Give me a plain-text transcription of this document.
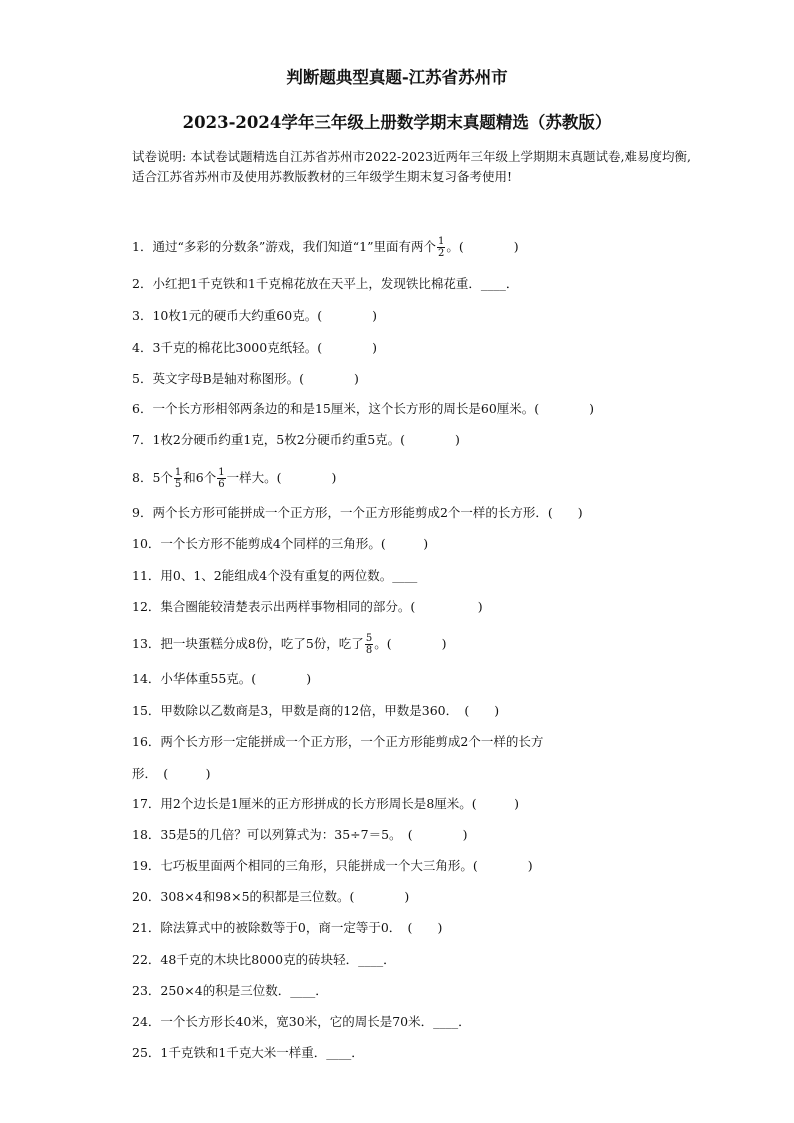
判断题典型真题-江苏省苏州市
2023-2024学年三年级上册数学期末真题精选（苏教版）
试卷说明: 本试卷试题精选自江苏省苏州市2022-2023近两年三年级上学期期末真题试卷,难易度均衡,适合江苏省苏州市及使用苏教版教材的三年级学生期末复习备考使用!
1．通过“多彩的分数条”游戏，我们知道“1”里面有两个 $\frac{1}{2}$ 。(　　　　)
2．小红把1千克铁和1千克棉花放在天平上，发现铁比棉花重．____．
3．10枚1元的硬币大约重60克。(　　　　)
4．3千克的棉花比3000克纸轻。(　　　　)
5．英文字母B是轴对称图形。(　　　　)
6．一个长方形相邻两条边的和是15厘米，这个长方形的周长是60厘米。(　　　　)
7．1枚2分硬币约重1克，5枚2分硬币约重5克。(　　　　)
8．5个 $\frac{1}{5}$ 和6个 $\frac{1}{6}$ 一样大。(　　　　)
9．两个长方形可能拼成一个正方形，一个正方形能剪成2个一样的长方形．(　　)
10．一个长方形不能剪成4个同样的三角形。(　　　)
11．用0、1、2能组成4个没有重复的两位数。____
12．集合圈能较清楚表示出两样事物相同的部分。(　　　　　)
13．把一块蛋糕分成8份，吃了5份，吃了 $\frac{5}{8}$ 。(　　　　)
14．小华体重55克。(　　　　)
15．甲数除以乙数商是3，甲数是商的12倍，甲数是360．　(　　)
16．两个长方形一定能拼成一个正方形，一个正方形能剪成2个一样的长方
形．　(　　　)
17．用2个边长是1厘米的正方形拼成的长方形周长是8厘米。(　　　)
18．35是5的几倍？可以列算式为：35÷7＝5。　(　　　　)
19．七巧板里面两个相同的三角形，只能拼成一个大三角形。(　　　　)
20．308×4和98×5的积都是三位数。(　　　　)
21．除法算式中的被除数等于0，商一定等于0．　(　　)
22．48千克的木块比8000克的砖块轻．____．
23．250×4的积是三位数．____．
24．一个长方形长40米，宽30米，它的周长是70米．____．
25．1千克铁和1千克大米一样重．____．
